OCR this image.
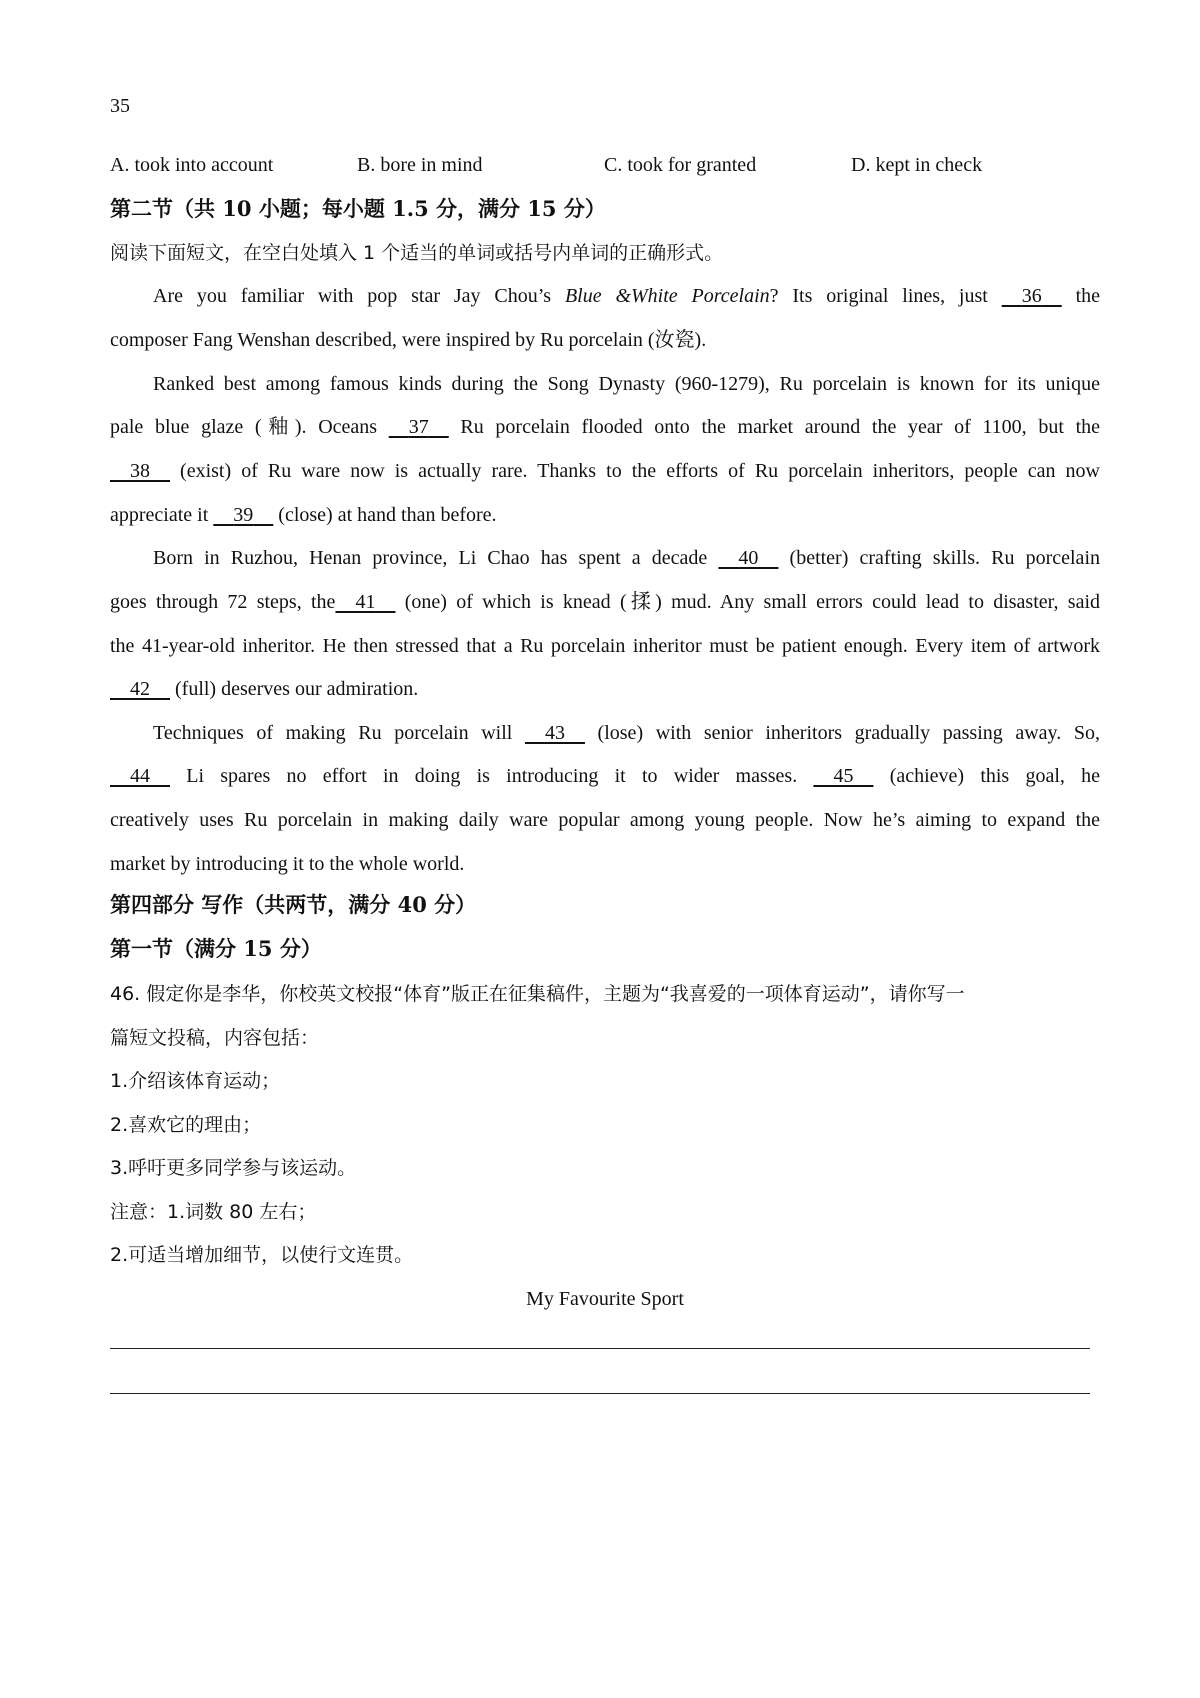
35
A. took into account	B. bore in mind	C. took for granted	D. kept in check
第二节（共 10 小题；每小题 1.5 分，满分 15 分）
阅读下面短文，在空白处填入 1 个适当的单词或括号内单词的正确形式。
Are you familiar with pop star Jay Chou’s Blue &White Porcelain? Its original lines, just 36 the
composer Fang Wenshan described, were inspired by Ru porcelain (汝瓷).
Ranked best among famous kinds during the Song Dynasty (960-1279), Ru porcelain is known for its unique
pale blue glaze (釉). Oceans 37 Ru porcelain flooded onto the market around the year of 1100, but the
38 (exist) of Ru ware now is actually rare. Thanks to the efforts of Ru porcelain inheritors, people can now
appreciate it 39 (close) at hand than before.
Born in Ruzhou, Henan province, Li Chao has spent a decade 40 (better) crafting skills. Ru porcelain
goes through 72 steps, the 41 (one) of which is knead (揉) mud. Any small errors could lead to disaster, said
the 41-year-old inheritor. He then stressed that a Ru porcelain inheritor must be patient enough. Every item of artwork
42 (full) deserves our admiration.
Techniques of making Ru porcelain will 43 (lose) with senior inheritors gradually passing away. So,
44 Li spares no effort in doing is introducing it to wider masses. 45 (achieve) this goal, he
creatively uses Ru porcelain in making daily ware popular among young people. Now he’s aiming to expand the
market by introducing it to the whole world.
第四部分 写作（共两节，满分 40 分）
第一节（满分 15 分）
46. 假定你是李华，你校英文校报“体育”版正在征集稿件，主题为“我喜爱的一项体育运动”，请你写一
篇短文投稿，内容包括：
1.介绍该体育运动；
2.喜欢它的理由；
3.呼吁更多同学参与该运动。
注意：1.词数 80 左右；
2.可适当增加细节，以使行文连贯。
My Favourite Sport
